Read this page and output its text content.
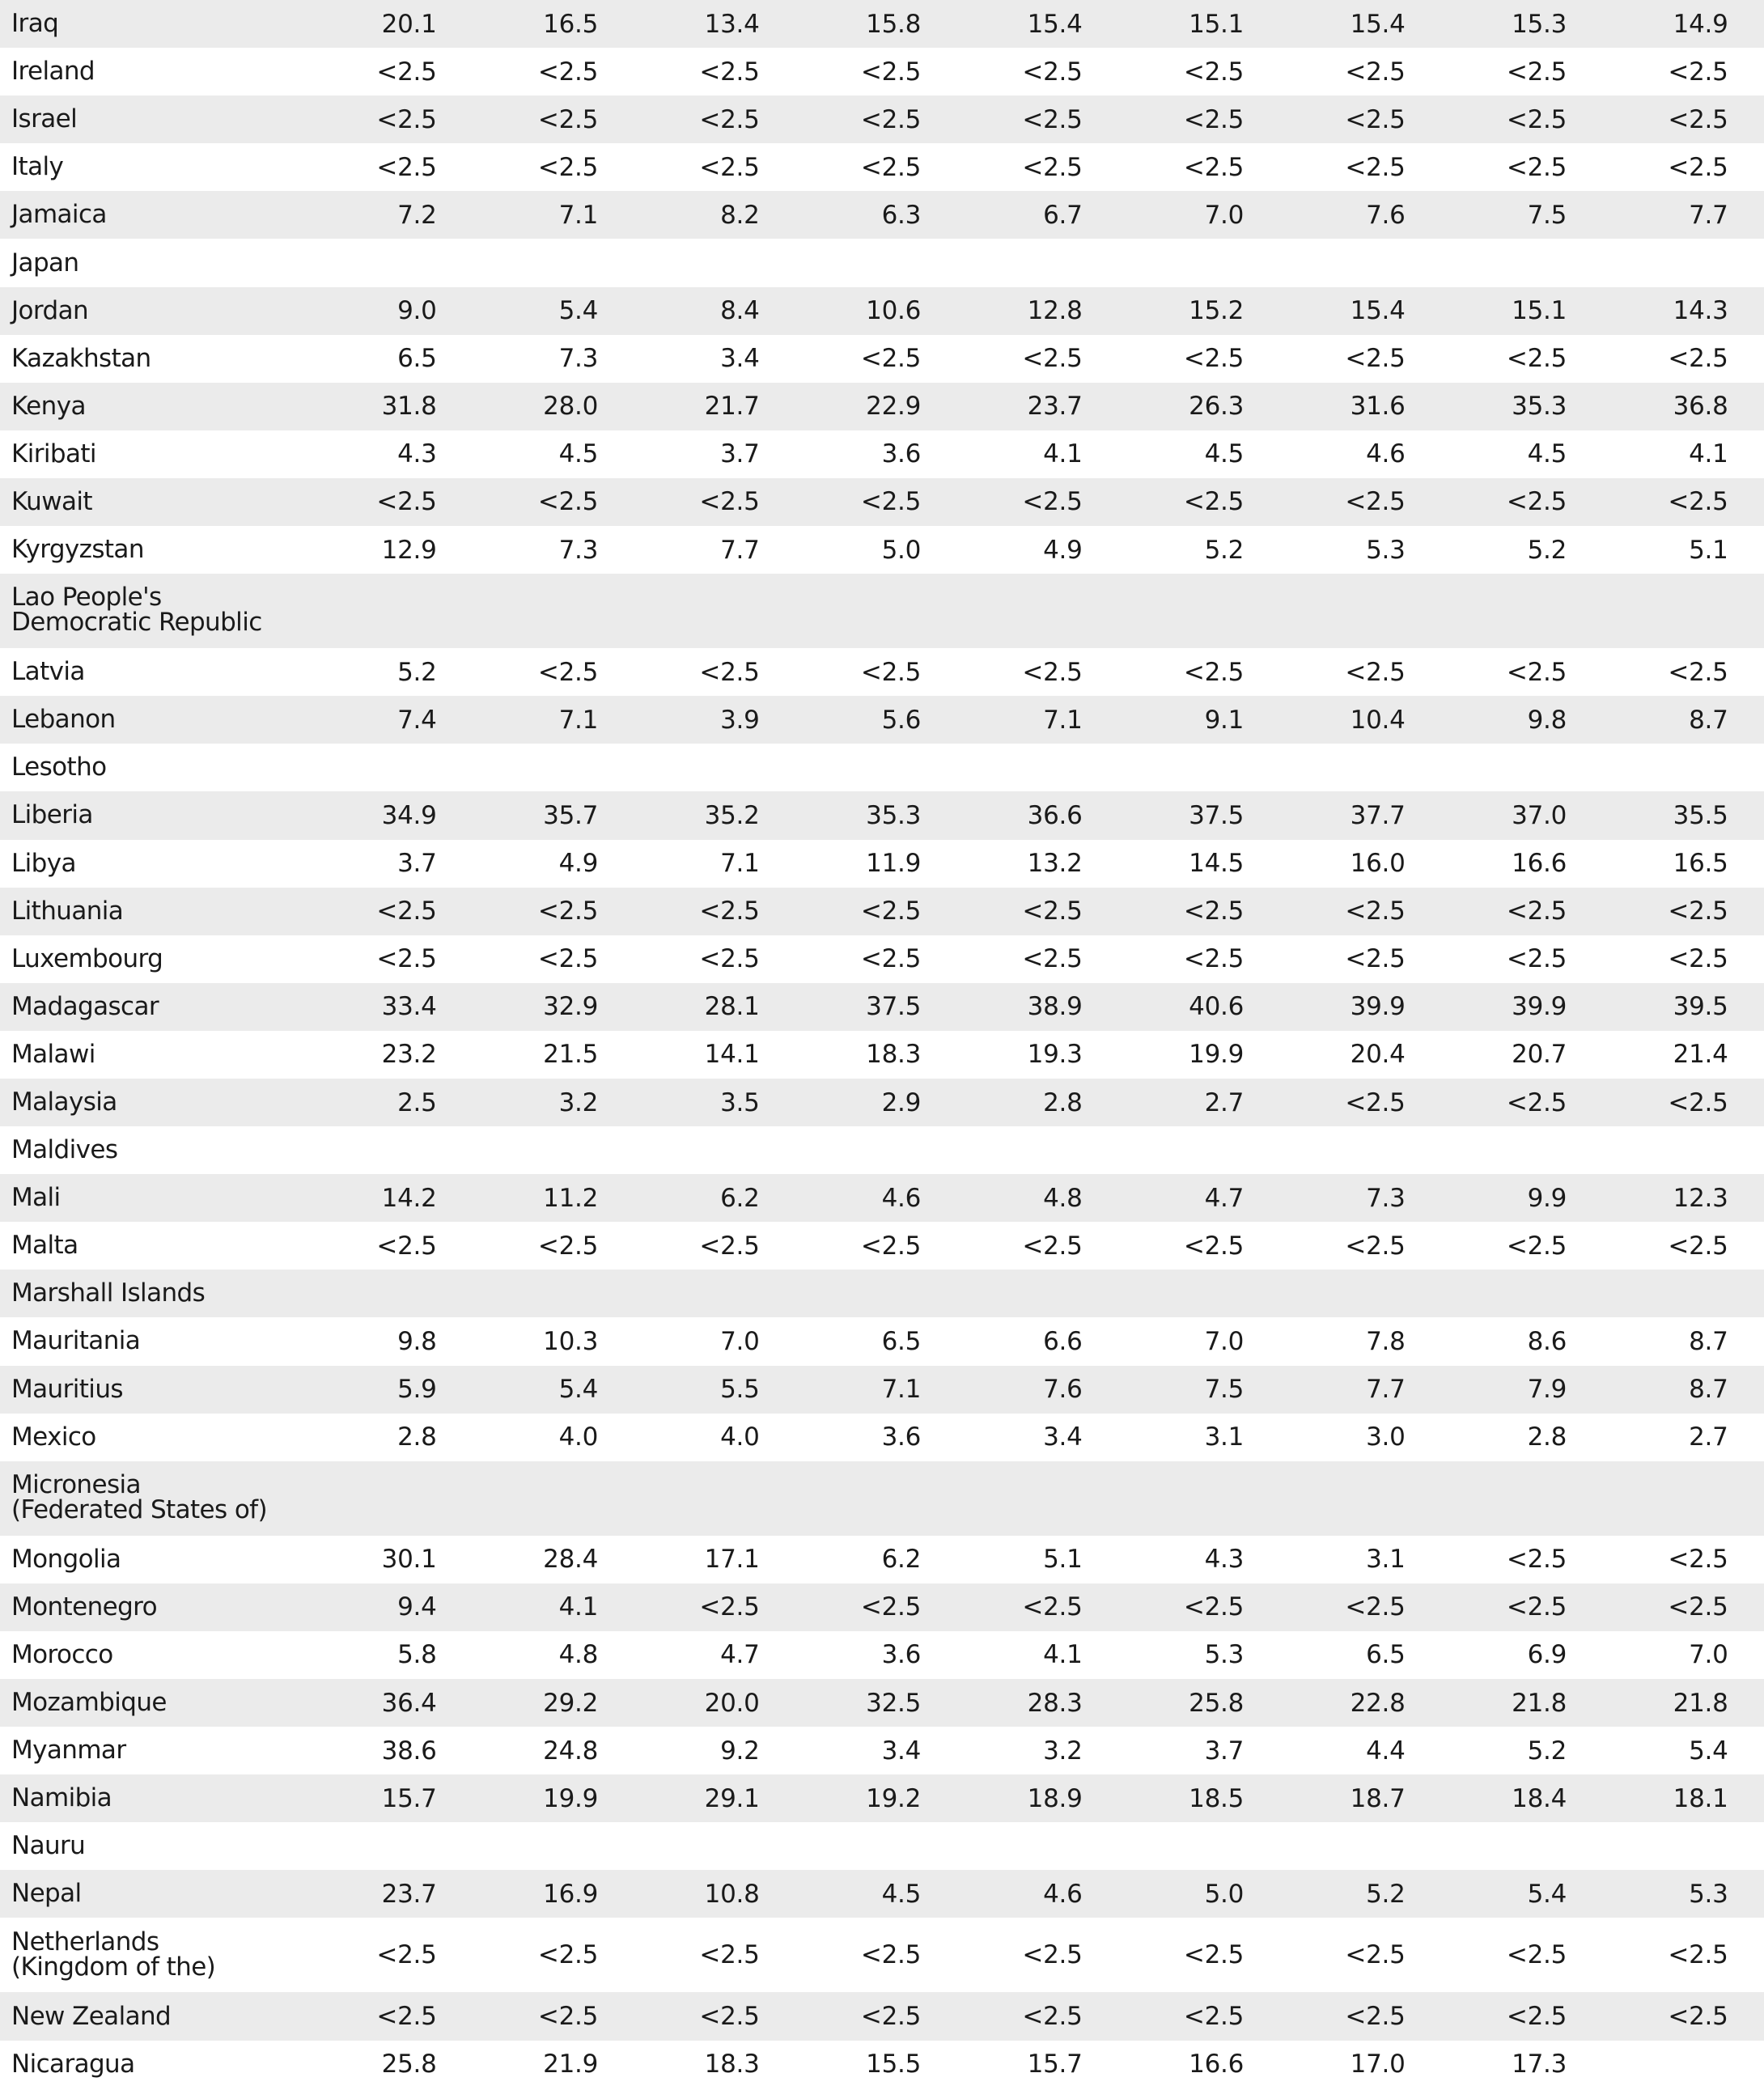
Iraq	20.1	16.5	13.4	15.8	15.4	15.1	15.4	15.3	14.9
Ireland	<2.5	<2.5	<2.5	<2.5	<2.5	<2.5	<2.5	<2.5	<2.5
Israel	<2.5	<2.5	<2.5	<2.5	<2.5	<2.5	<2.5	<2.5	<2.5
Italy	<2.5	<2.5	<2.5	<2.5	<2.5	<2.5	<2.5	<2.5	<2.5
Jamaica	7.2	7.1	8.2	6.3	6.7	7.0	7.6	7.5	7.7
Japan
Jordan	9.0	5.4	8.4	10.6	12.8	15.2	15.4	15.1	14.3
Kazakhstan	6.5	7.3	3.4	<2.5	<2.5	<2.5	<2.5	<2.5	<2.5
Kenya	31.8	28.0	21.7	22.9	23.7	26.3	31.6	35.3	36.8
Kiribati	4.3	4.5	3.7	3.6	4.1	4.5	4.6	4.5	4.1
Kuwait	<2.5	<2.5	<2.5	<2.5	<2.5	<2.5	<2.5	<2.5	<2.5
Kyrgyzstan	12.9	7.3	7.7	5.0	4.9	5.2	5.3	5.2	5.1
Lao People's Democratic Republic
Latvia	5.2	<2.5	<2.5	<2.5	<2.5	<2.5	<2.5	<2.5	<2.5
Lebanon	7.4	7.1	3.9	5.6	7.1	9.1	10.4	9.8	8.7
Lesotho
Liberia	34.9	35.7	35.2	35.3	36.6	37.5	37.7	37.0	35.5
Libya	3.7	4.9	7.1	11.9	13.2	14.5	16.0	16.6	16.5
Lithuania	<2.5	<2.5	<2.5	<2.5	<2.5	<2.5	<2.5	<2.5	<2.5
Luxembourg	<2.5	<2.5	<2.5	<2.5	<2.5	<2.5	<2.5	<2.5	<2.5
Madagascar	33.4	32.9	28.1	37.5	38.9	40.6	39.9	39.9	39.5
Malawi	23.2	21.5	14.1	18.3	19.3	19.9	20.4	20.7	21.4
Malaysia	2.5	3.2	3.5	2.9	2.8	2.7	<2.5	<2.5	<2.5
Maldives
Mali	14.2	11.2	6.2	4.6	4.8	4.7	7.3	9.9	12.3
Malta	<2.5	<2.5	<2.5	<2.5	<2.5	<2.5	<2.5	<2.5	<2.5
Marshall Islands
Mauritania	9.8	10.3	7.0	6.5	6.6	7.0	7.8	8.6	8.7
Mauritius	5.9	5.4	5.5	7.1	7.6	7.5	7.7	7.9	8.7
Mexico	2.8	4.0	4.0	3.6	3.4	3.1	3.0	2.8	2.7
Micronesia (Federated States of)
Mongolia	30.1	28.4	17.1	6.2	5.1	4.3	3.1	<2.5	<2.5
Montenegro	9.4	4.1	<2.5	<2.5	<2.5	<2.5	<2.5	<2.5	<2.5
Morocco	5.8	4.8	4.7	3.6	4.1	5.3	6.5	6.9	7.0
Mozambique	36.4	29.2	20.0	32.5	28.3	25.8	22.8	21.8	21.8
Myanmar	38.6	24.8	9.2	3.4	3.2	3.7	4.4	5.2	5.4
Namibia	15.7	19.9	29.1	19.2	18.9	18.5	18.7	18.4	18.1
Nauru
Nepal	23.7	16.9	10.8	4.5	4.6	5.0	5.2	5.4	5.3
Netherlands (Kingdom of the)	<2.5	<2.5	<2.5	<2.5	<2.5	<2.5	<2.5	<2.5	<2.5
New Zealand	<2.5	<2.5	<2.5	<2.5	<2.5	<2.5	<2.5	<2.5	<2.5
Nicaragua	25.8	21.9	18.3	15.5	15.7	16.6	17.0	17.3
